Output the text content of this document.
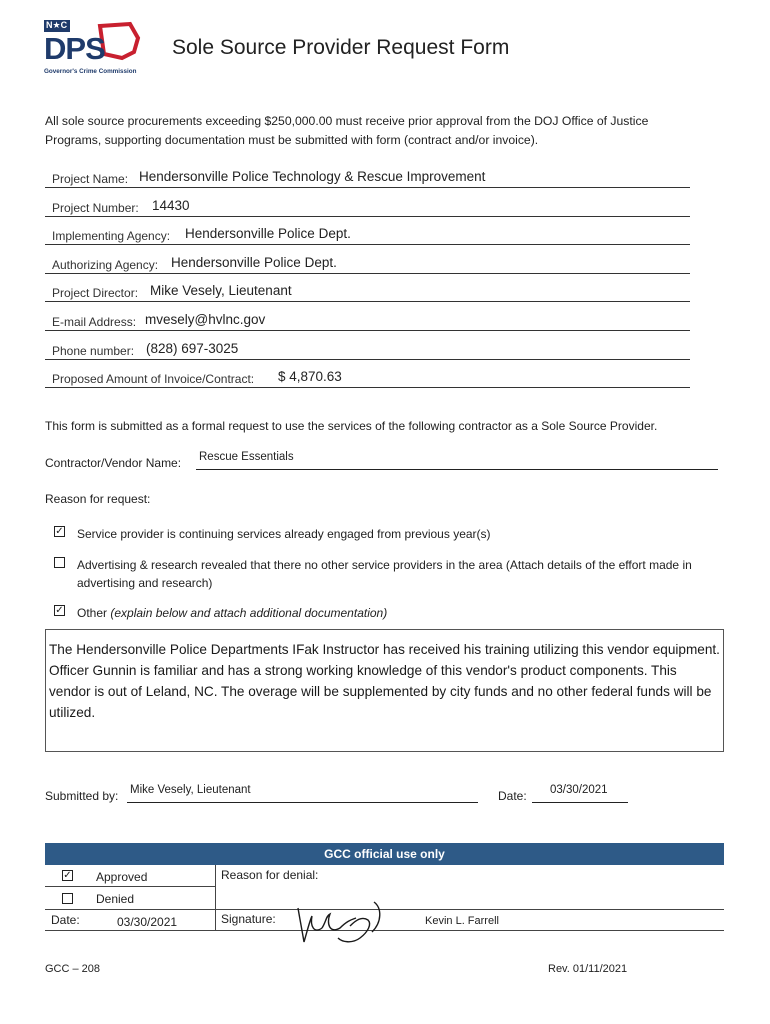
N★C
DPS
Governor's Crime Commission
Sole Source Provider Request Form
All sole source procurements exceeding $250,000.00 must receive prior approval from the DOJ Office of Justice Programs, supporting documentation must be submitted with form (contract and/or invoice).
Project Name: Hendersonville Police Technology & Rescue Improvement
Project Number: 14430
Implementing Agency: Hendersonville Police Dept.
Authorizing Agency: Hendersonville Police Dept.
Project Director: Mike Vesely, Lieutenant
E-mail Address: mvesely@hvlnc.gov
Phone number: (828) 697-3025
Proposed Amount of Invoice/Contract: $ 4,870.63
This form is submitted as a formal request to use the services of the following contractor as a Sole Source Provider.
Contractor/Vendor Name: Rescue Essentials
Reason for request:
✓ Service provider is continuing services already engaged from previous year(s)
Advertising & research revealed that there no other service providers in the area (Attach details of the effort made in advertising and research)
✓ Other (explain below and attach additional documentation)
The Hendersonville Police Departments IFak Instructor has received his training utilizing this vendor equipment. Officer Gunnin is familiar and has a strong working knowledge of this vendor's product components. This vendor is out of Leland, NC. The overage will be supplemented by city funds and no other federal funds will be utilized.
Submitted by: Mike Vesely, Lieutenant	Date: 03/30/2021
GCC official use only
✓ Approved
Denied
Reason for denial:
Date:	03/30/2021	Signature:	Kevin L. Farrell
GCC – 208	Rev. 01/11/2021
